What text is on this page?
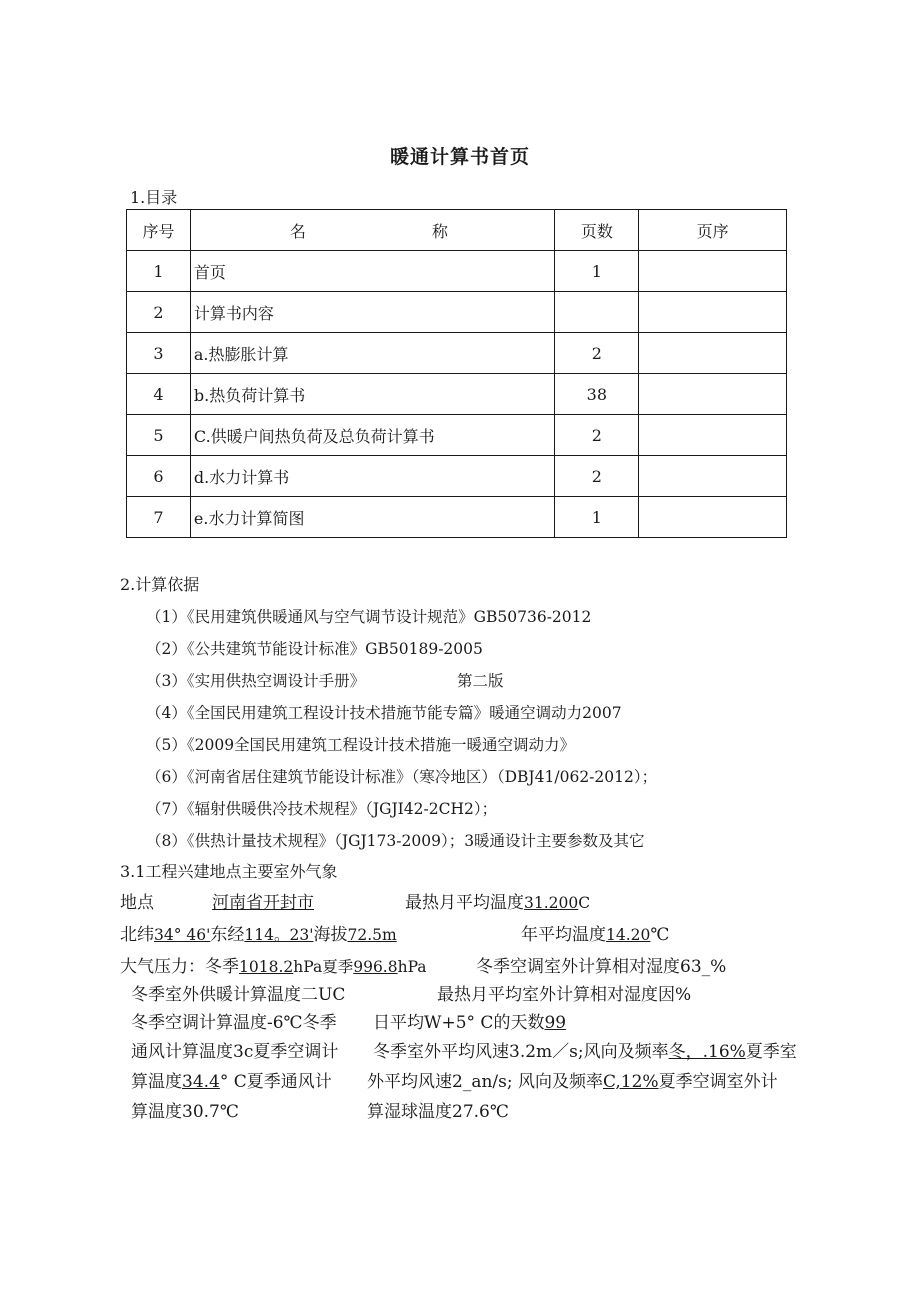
暖通计算书首页
1.目录
序号	名 称	页数	页序
1	首页	1	
2	计算书内容		
3	a.热膨胀计算	2	
4	b.热负荷计算书	38	
5	C.供暖户间热负荷及总负荷计算书	2	
6	d.水力计算书	2	
7	e.水力计算简图	1	
2.计算依据
（1）《民用建筑供暖通风与空气调节设计规范》GB50736-2012
（2）《公共建筑节能设计标准》GB50189-2005
（3）《实用供热空调设计手册》	第二版
（4）《全国民用建筑工程设计技术措施节能专篇》暖通空调动力2007
（5）《2009全国民用建筑工程设计技术措施一暖通空调动力》
（6）《河南省居住建筑节能设计标准》（寒冷地区）（DBJ41/062-2012）；
（7）《辐射供暖供冷技术规程》（JGJI42-2CH2）；
（8）《供热计量技术规程》（JGJ173-2009）；3暖通设计主要参数及其它
3.1工程兴建地点主要室外气象
地点	河南省开封市	最热月平均温度31.200C
北纬34° 46'东经114。23'海拔72.5m	年平均温度14.20℃
大气压力：冬季1018.2hPa夏季996.8hPa	冬季空调室外计算相对湿度63_%
冬季室外供暖计算温度二UC	最热月平均室外计算相对湿度因%
冬季空调计算温度-6℃冬季 日平均W+5° C的天数99
通风计算温度3c夏季空调计 冬季室外平均风速3.2m／s;风向及频率冬，.16%夏季室
算温度34.4° C夏季通风计 外平均风速2_an/s; 风向及频率C,12%夏季空调室外计
算温度30.7℃	算湿球温度27.6℃
